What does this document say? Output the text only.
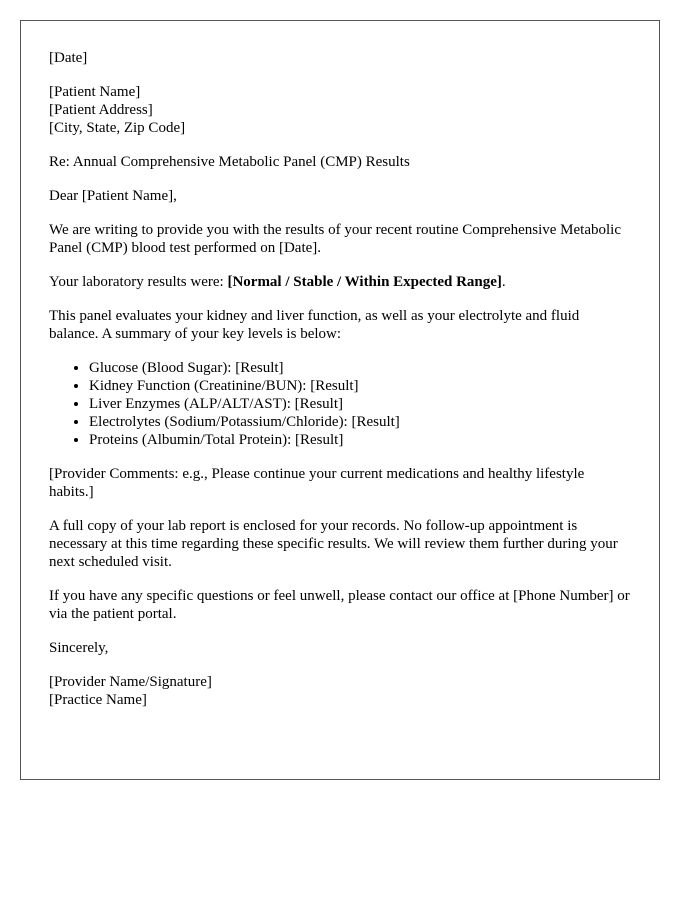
[Date]

[Patient Name]
[Patient Address]
[City, State, Zip Code]

Re: Annual Comprehensive Metabolic Panel (CMP) Results

Dear [Patient Name],

We are writing to provide you with the results of your recent routine Comprehensive Metabolic Panel (CMP) blood test performed on [Date].

Your laboratory results were: [Normal / Stable / Within Expected Range].

This panel evaluates your kidney and liver function, as well as your electrolyte and fluid balance. A summary of your key levels is below:

• Glucose (Blood Sugar): [Result]
• Kidney Function (Creatinine/BUN): [Result]
• Liver Enzymes (ALP/ALT/AST): [Result]
• Electrolytes (Sodium/Potassium/Chloride): [Result]
• Proteins (Albumin/Total Protein): [Result]

[Provider Comments: e.g., Please continue your current medications and healthy lifestyle habits.]

A full copy of your lab report is enclosed for your records. No follow-up appointment is necessary at this time regarding these specific results. We will review them further during your next scheduled visit.

If you have any specific questions or feel unwell, please contact our office at [Phone Number] or via the patient portal.

Sincerely,

[Provider Name/Signature]
[Practice Name]
